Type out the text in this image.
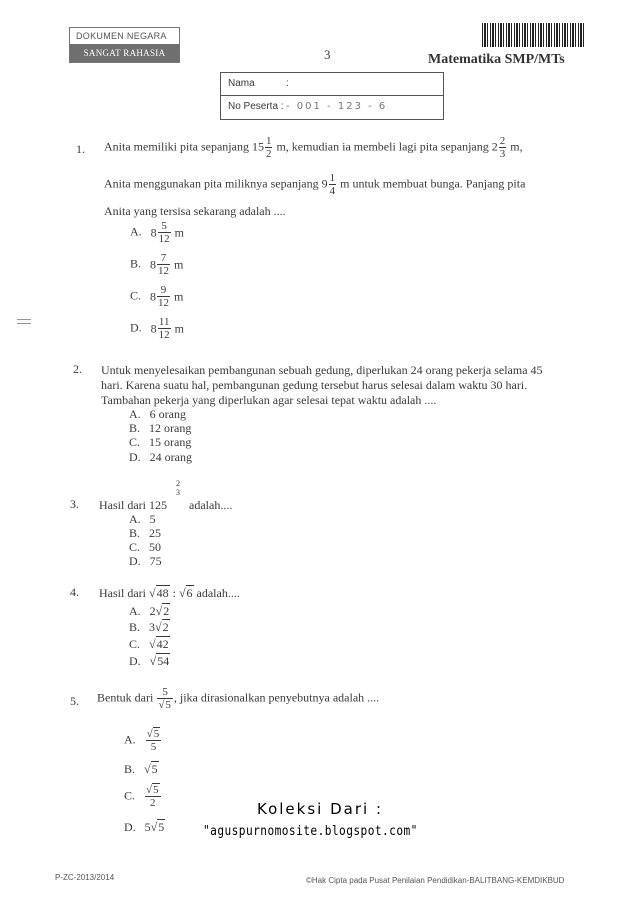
DOKUMEN NEGARA
SANGAT RAHASIA	3	Matematika SMP/MTs
Nama	:
No Peserta : - 001 - 123 - 6
1. Anita memiliki pita sepanjang $15 \frac{1}{2} m$, kemudian ia membeli lagi pita sepanjang $2 \frac{2}{3} m$,
Anita menggunakan pita miliknya sepanjang $9 \frac{1}{4}$ m untuk membuat bunga. Panjang pita
Anita yang tersisa sekarang adalah ....
A. $8 \frac{5}{12}$ m
B. $8 \frac{7}{12}$ m
C. $8 \frac{9}{12}$ m
D. $8 \frac{11}{12}$ m
2. Untuk menyelesaikan pembangunan sebuah gedung, diperlukan 24 orang pekerja selama 45
hari. Karena suatu hal, pembangunan gedung tersebut harus selesai dalam waktu 30 hari.
Tambahan pekerja yang diperlukan agar selesai tepat waktu adalah ....
A. 6 orang
B. 12 orang
C. 15 orang
D. 24 orang
3. Hasil dari 125
2
3
adalah....
A. 5
B. 25
C. 50
D. 75
4. Hasil dari √48 : √6 adalah....
A. 2√2
B. 3√2
C. √42
D. √54
5. Bentuk dari $\frac{5}{√5}$ , jika dirasionalkan penyebutnya adalah ....
A. $\frac{√5}{5}$
B.   √5
C. $\frac{√5}{2}$
D. 5√5
Koleksi Dari :
"aguspurnomosite.blogspot.com"
P-ZC-2013/2014	©Hak Cipta pada Pusat Penilaian Pendidikan-BALITBANG-KEMDIKBUD
